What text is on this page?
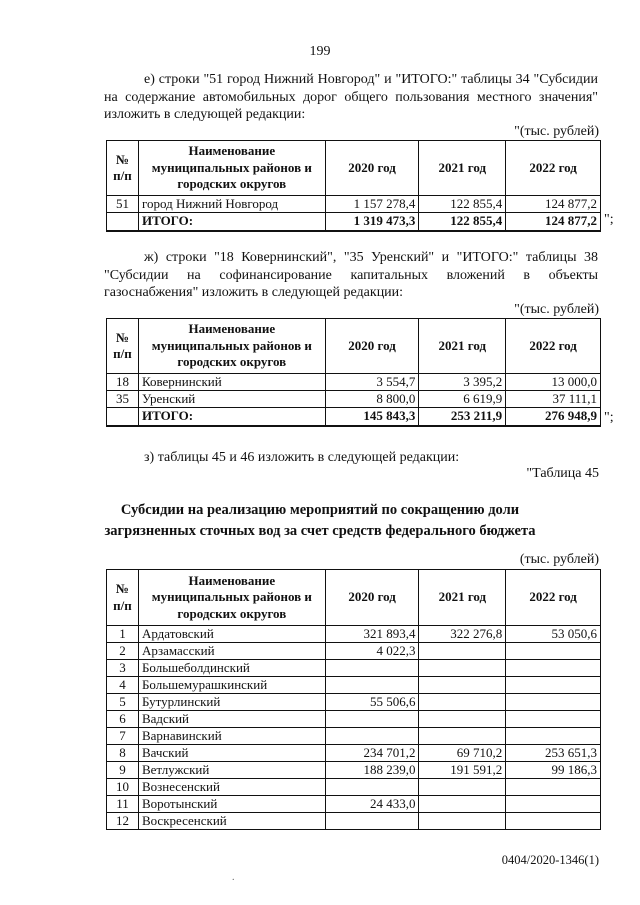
199
е) строки "51 город Нижний Новгород" и "ИТОГО:" таблицы 34 "Субсидии на содержание автомобильных дорог общего пользования местного значения" изложить в следующей редакции:
"(тыс. рублей)
№ п/п	Наименование муниципальных районов и городских округов	2020 год	2021 год	2022 год
51	город Нижний Новгород	1 157 278,4	122 855,4	124 877,2
	ИТОГО:	1 319 473,3	122 855,4	124 877,2 ";
ж) строки "18 Ковернинский", "35 Уренский" и "ИТОГО:" таблицы 38 "Субсидии на софинансирование капитальных вложений в объекты газоснабжения" изложить в следующей редакции:
"(тыс. рублей)
№ п/п	Наименование муниципальных районов и городских округов	2020 год	2021 год	2022 год
18	Ковернинский	3 554,7	3 395,2	13 000,0
35	Уренский	8 800,0	6 619,9	37 111,1
	ИТОГО:	145 843,3	253 211,9	276 948,9 ";
з) таблицы 45 и 46 изложить в следующей редакции:
"Таблица 45
Субсидии на реализацию мероприятий по сокращению доли
загрязненных сточных вод за счет средств федерального бюджета
(тыс. рублей)
№ п/п	Наименование муниципальных районов и городских округов	2020 год	2021 год	2022 год
1	Ардатовский	321 893,4	322 276,8	53 050,6
2	Арзамасский	4 022,3		
3	Большеболдинский			
4	Большемурашкинский			
5	Бутурлинский	55 506,6		
6	Вадский			
7	Варнавинский			
8	Вачский	234 701,2	69 710,2	253 651,3
9	Ветлужский	188 239,0	191 591,2	99 186,3
10	Вознесенский			
11	Воротынский	24 433,0		
12	Воскресенский			
0404/2020-1346(1)
.
